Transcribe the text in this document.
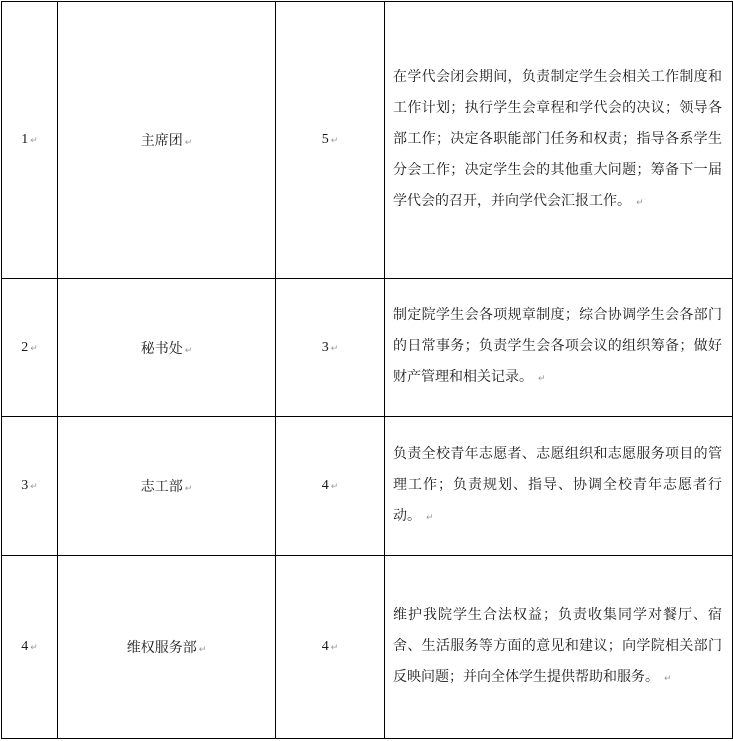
1 ↵	主席团 ↵	5 ↵	在学代会闭会期间，负责制定学生会相关工作制度和工作计划；执行学生会章程和学代会的决议；领导各部工作；决定各职能部门任务和权责；指导各系学生分会工作；决定学生会的其他重大问题；筹备下一届学代会的召开，并向学代会汇报工作。 ↵

2 ↵	秘书处 ↵	3 ↵	制定院学生会各项规章制度；综合协调学生会各部门的日常事务；负责学生会各项会议的组织筹备；做好财产管理和相关记录。 ↵

3 ↵	志工部 ↵	4 ↵	负责全校青年志愿者、志愿组织和志愿服务项目的管理工作；负责规划、指导、协调全校青年志愿者行动。 ↵

4 ↵	维权服务部 ↵	4 ↵	维护我院学生合法权益；负责收集同学对餐厅、宿舍、生活服务等方面的意见和建议；向学院相关部门反映问题；并向全体学生提供帮助和服务。 ↵
